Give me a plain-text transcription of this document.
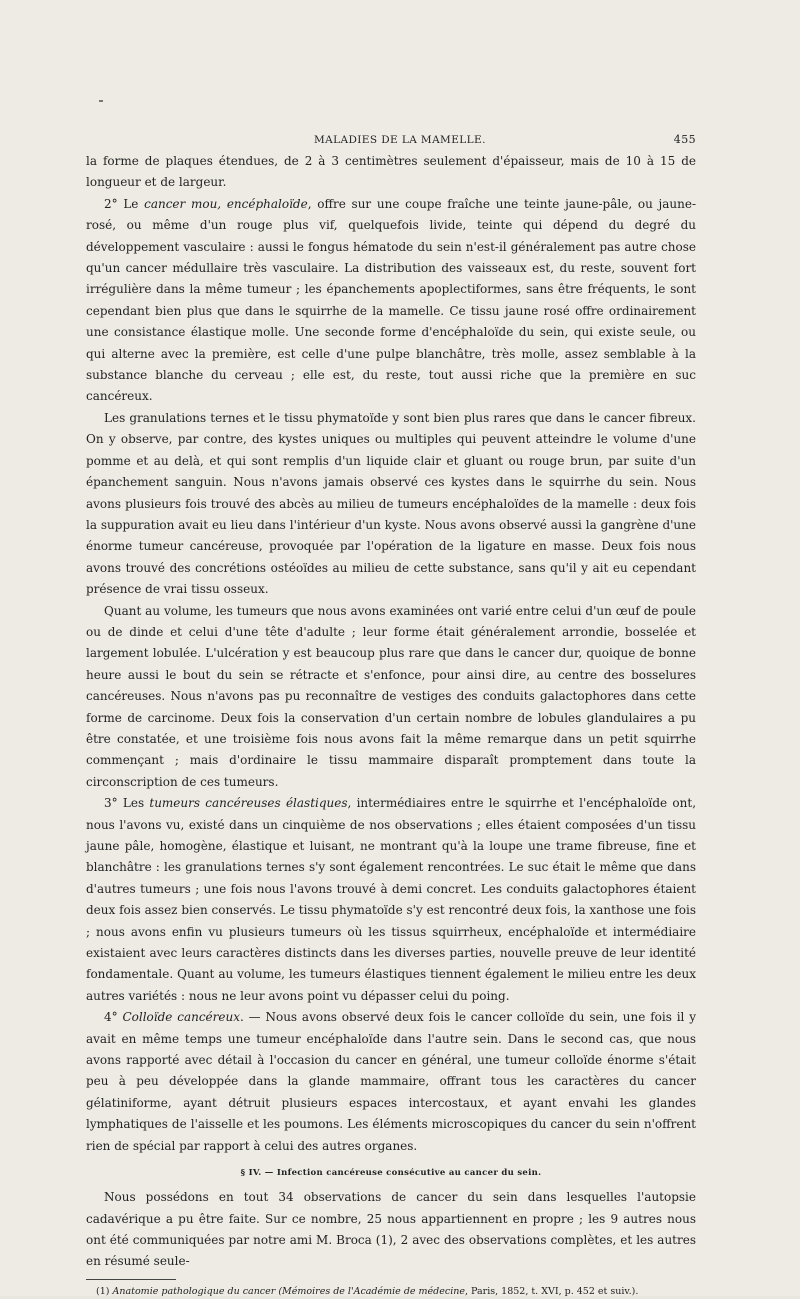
MALADIES DE LA MAMELLE.	455

la forme de plaques étendues, de 2 à 3 centimètres seulement d'épaisseur, mais de 10 à 15 de longueur et de largeur.

2° Le cancer mou, encéphaloïde, offre sur une coupe fraîche une teinte jaune-pâle, ou jaune-rosé, ou même d'un rouge plus vif, quelquefois livide, teinte qui dépend du degré du développement vasculaire : aussi le fongus hématode du sein n'est-il généralement pas autre chose qu'un cancer médullaire très vasculaire. La distribution des vaisseaux est, du reste, souvent fort irrégulière dans la même tumeur ; les épanchements apoplectiformes, sans être fréquents, le sont cependant bien plus que dans le squirrhe de la mamelle. Ce tissu jaune rosé offre ordinairement une consistance élastique molle. Une seconde forme d'encéphaloïde du sein, qui existe seule, ou qui alterne avec la première, est celle d'une pulpe blanchâtre, très molle, assez semblable à la substance blanche du cerveau ; elle est, du reste, tout aussi riche que la première en suc cancéreux.

Les granulations ternes et le tissu phymatoïde y sont bien plus rares que dans le cancer fibreux. On y observe, par contre, des kystes uniques ou multiples qui peuvent atteindre le volume d'une pomme et au delà, et qui sont remplis d'un liquide clair et gluant ou rouge brun, par suite d'un épanchement sanguin. Nous n'avons jamais observé ces kystes dans le squirrhe du sein. Nous avons plusieurs fois trouvé des abcès au milieu de tumeurs encéphaloïdes de la mamelle : deux fois la suppuration avait eu lieu dans l'intérieur d'un kyste. Nous avons observé aussi la gangrène d'une énorme tumeur cancéreuse, provoquée par l'opération de la ligature en masse. Deux fois nous avons trouvé des concrétions ostéoïdes au milieu de cette substance, sans qu'il y ait eu cependant présence de vrai tissu osseux.

Quant au volume, les tumeurs que nous avons examinées ont varié entre celui d'un œuf de poule ou de dinde et celui d'une tête d'adulte ; leur forme était généralement arrondie, bosselée et largement lobulée. L'ulcération y est beaucoup plus rare que dans le cancer dur, quoique de bonne heure aussi le bout du sein se rétracte et s'enfonce, pour ainsi dire, au centre des bosselures cancéreuses. Nous n'avons pas pu reconnaître de vestiges des conduits galactophores dans cette forme de carcinome. Deux fois la conservation d'un certain nombre de lobules glandulaires a pu être constatée, et une troisième fois nous avons fait la même remarque dans un petit squirrhe commençant ; mais d'ordinaire le tissu mammaire disparaît promptement dans toute la circonscription de ces tumeurs.

3° Les tumeurs cancéreuses élastiques, intermédiaires entre le squirrhe et l'encéphaloïde ont, nous l'avons vu, existé dans un cinquième de nos observations ; elles étaient composées d'un tissu jaune pâle, homogène, élastique et luisant, ne montrant qu'à la loupe une trame fibreuse, fine et blanchâtre : les granulations ternes s'y sont également rencontrées. Le suc était le même que dans d'autres tumeurs ; une fois nous l'avons trouvé à demi concret. Les conduits galactophores étaient deux fois assez bien conservés. Le tissu phymatoïde s'y est rencontré deux fois, la xanthose une fois ; nous avons enfin vu plusieurs tumeurs où les tissus squirrheux, encéphaloïde et intermédiaire existaient avec leurs caractères distincts dans les diverses parties, nouvelle preuve de leur identité fondamentale. Quant au volume, les tumeurs élastiques tiennent également le milieu entre les deux autres variétés : nous ne leur avons point vu dépasser celui du poing.

4° Colloïde cancéreux. — Nous avons observé deux fois le cancer colloïde du sein, une fois il y avait en même temps une tumeur encéphaloïde dans l'autre sein. Dans le second cas, que nous avons rapporté avec détail à l'occasion du cancer en général, une tumeur colloïde énorme s'était peu à peu développée dans la glande mammaire, offrant tous les caractères du cancer gélatiniforme, ayant détruit plusieurs espaces intercostaux, et ayant envahi les glandes lymphatiques de l'aisselle et les poumons. Les éléments microscopiques du cancer du sein n'offrent rien de spécial par rapport à celui des autres organes.

§ IV. — Infection cancéreuse consécutive au cancer du sein.

Nous possédons en tout 34 observations de cancer du sein dans lesquelles l'autopsie cadavérique a pu être faite. Sur ce nombre, 25 nous appartiennent en propre ; les 9 autres nous ont été communiquées par notre ami M. Broca (1), 2 avec des observations complètes, et les autres en résumé seule-

(1) Anatomie pathologique du cancer (Mémoires de l'Académie de médecine, Paris, 1852, t. XVI, p. 452 et suiv.).
